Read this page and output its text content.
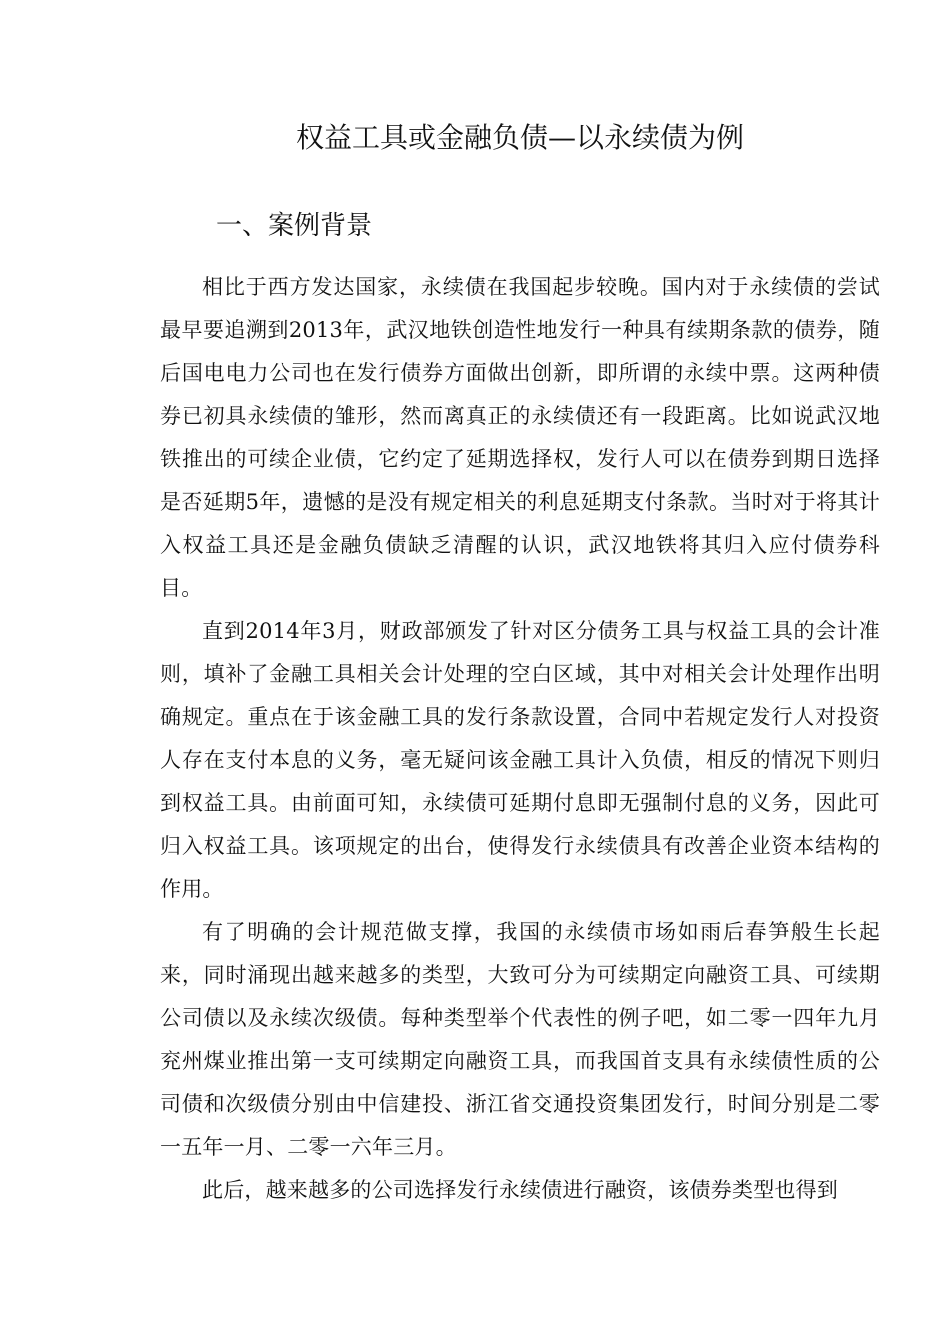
权益工具或金融负债—以永续债为例
一、案例背景

相比于西方发达国家，永续债在我国起步较晚。国内对于永续债的尝试最早要追溯到2013年，武汉地铁创造性地发行一种具有续期条款的债券，随后国电电力公司也在发行债券方面做出创新，即所谓的永续中票。这两种债券已初具永续债的雏形，然而离真正的永续债还有一段距离。比如说武汉地铁推出的可续企业债，它约定了延期选择权，发行人可以在债券到期日选择是否延期5年，遗憾的是没有规定相关的利息延期支付条款。当时对于将其计入权益工具还是金融负债缺乏清醒的认识，武汉地铁将其归入应付债券科目。

直到2014年3月，财政部颁发了针对区分债务工具与权益工具的会计准则，填补了金融工具相关会计处理的空白区域，其中对相关会计处理作出明确规定。重点在于该金融工具的发行条款设置，合同中若规定发行人对投资人存在支付本息的义务，毫无疑问该金融工具计入负债，相反的情况下则归到权益工具。由前面可知，永续债可延期付息即无强制付息的义务，因此可归入权益工具。该项规定的出台，使得发行永续债具有改善企业资本结构的作用。

有了明确的会计规范做支撑，我国的永续债市场如雨后春笋般生长起来，同时涌现出越来越多的类型，大致可分为可续期定向融资工具、可续期公司债以及永续次级债。每种类型举个代表性的例子吧，如二零一四年九月兖州煤业推出第一支可续期定向融资工具，而我国首支具有永续债性质的公司债和次级债分别由中信建投、浙江省交通投资集团发行，时间分别是二零一五年一月、二零一六年三月。

此后，越来越多的公司选择发行永续债进行融资，该债券类型也得到
